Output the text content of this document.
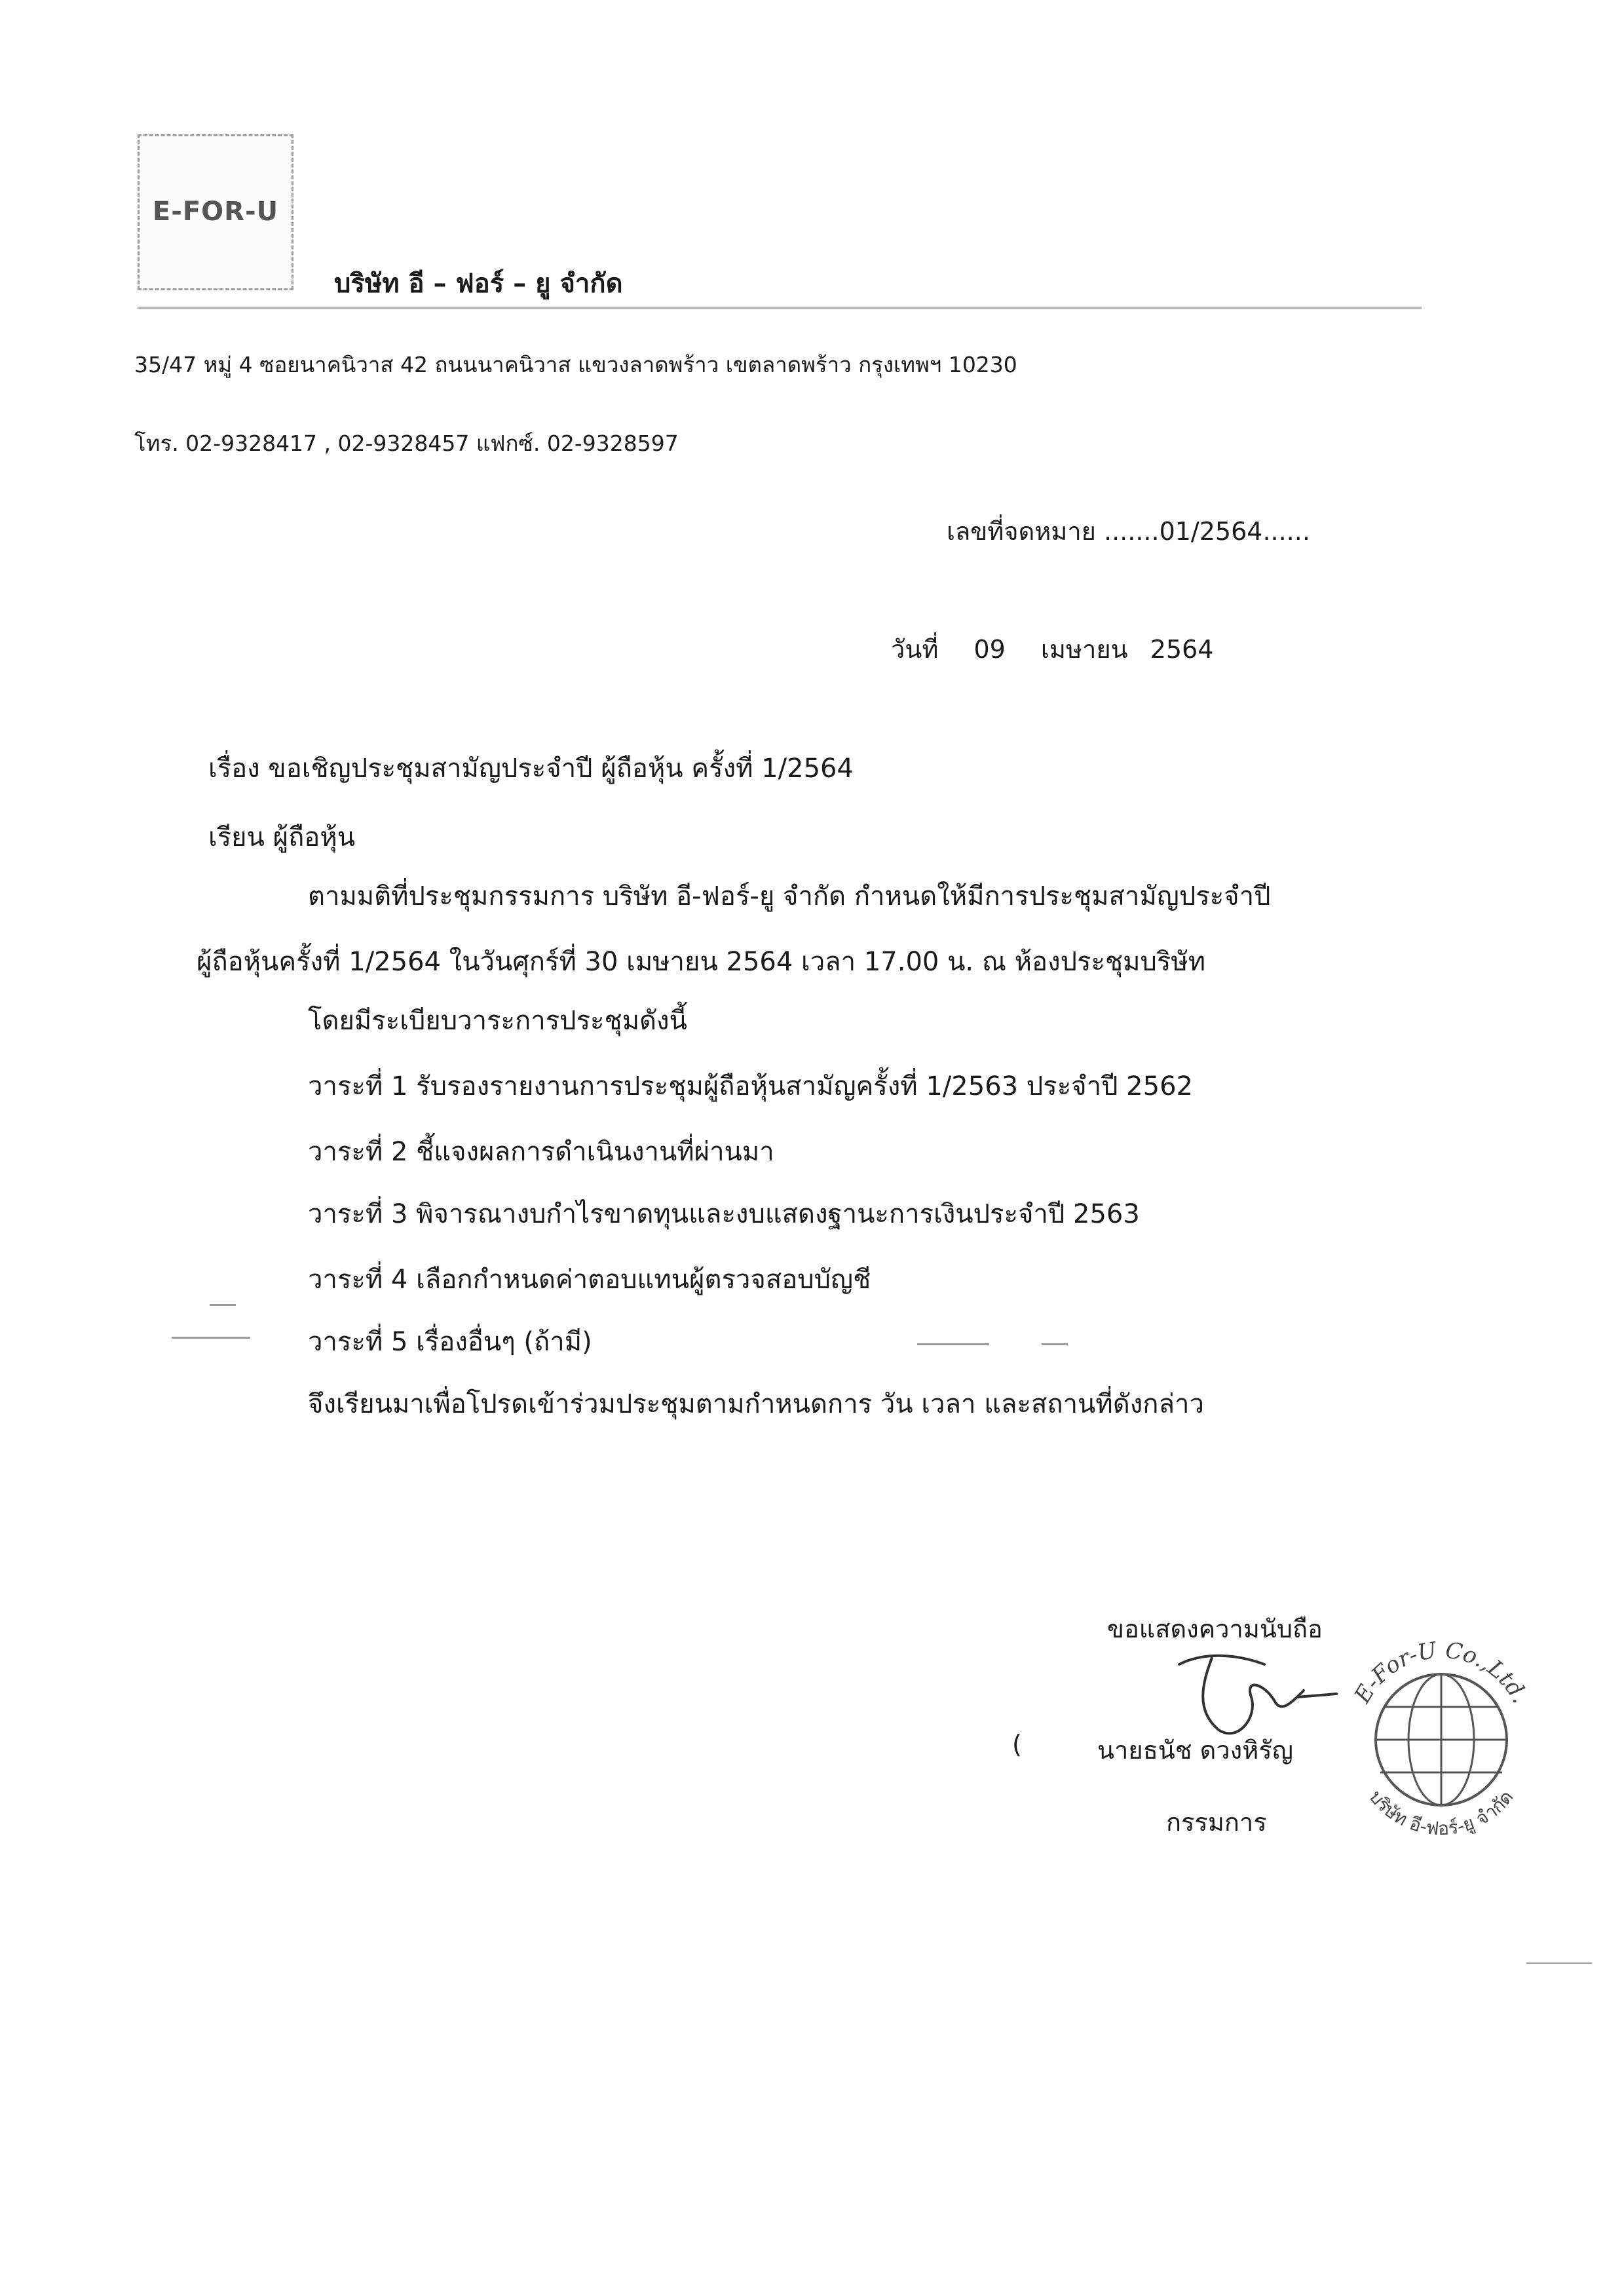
E-FOR-U
บริษัท อี – ฟอร์ – ยู จำกัด
35/47 หมู่ 4 ซอยนาคนิวาส 42 ถนนนาคนิวาส แขวงลาดพร้าว เขตลาดพร้าว กรุงเทพฯ 10230
โทร. 02-9328417 , 02-9328457 แฟกซ์. 02-9328597
เลขที่จดหมาย .......01/2564......
วันที่ 09 เมษายน 2564
เรื่อง ขอเชิญประชุมสามัญประจำปี ผู้ถือหุ้น ครั้งที่ 1/2564
เรียน ผู้ถือหุ้น
ตามมติที่ประชุมกรรมการ บริษัท อี-ฟอร์-ยู จำกัด กำหนดให้มีการประชุมสามัญประจำปี
ผู้ถือหุ้นครั้งที่ 1/2564 ในวันศุกร์ที่ 30 เมษายน 2564 เวลา 17.00 น. ณ ห้องประชุมบริษัท
โดยมีระเบียบวาระการประชุมดังนี้
วาระที่ 1 รับรองรายงานการประชุมผู้ถือหุ้นสามัญครั้งที่ 1/2563 ประจำปี 2562
วาระที่ 2 ชี้แจงผลการดำเนินงานที่ผ่านมา
วาระที่ 3 พิจารณางบกำไรขาดทุนและงบแสดงฐานะการเงินประจำปี 2563
วาระที่ 4 เลือกกำหนดค่าตอบแทนผู้ตรวจสอบบัญชี
วาระที่ 5 เรื่องอื่นๆ (ถ้ามี)
จึงเรียนมาเพื่อโปรดเข้าร่วมประชุมตามกำหนดการ วัน เวลา และสถานที่ดังกล่าว
ขอแสดงความนับถือ
E-For-U Co.,Ltd.
บริษัท อี-ฟอร์-ยู จำกัด
(	นายธนัช ดวงหิรัญ
กรรมการ
